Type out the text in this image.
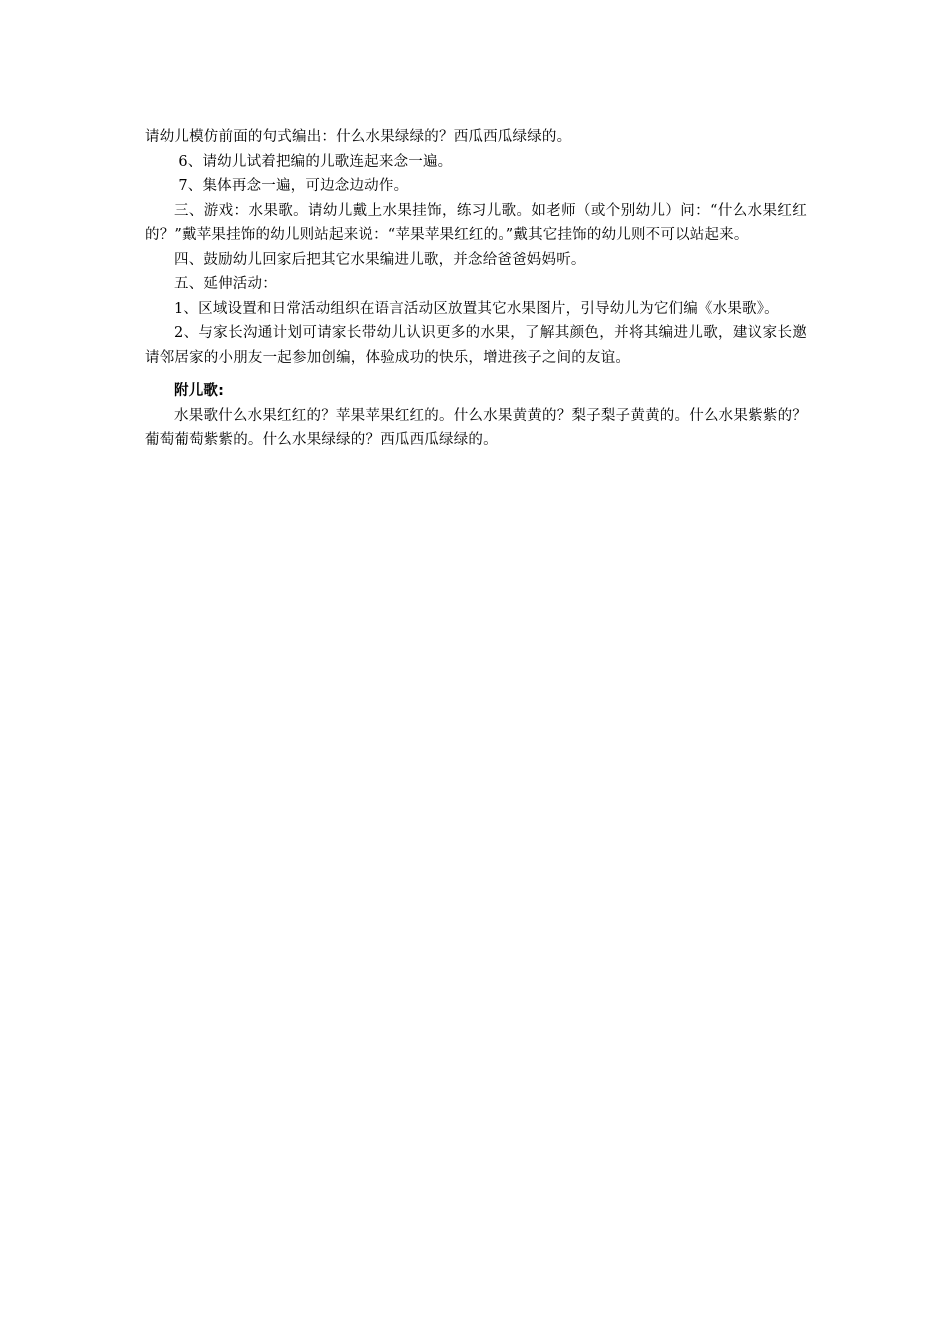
请幼儿模仿前面的句式编出：什么水果绿绿的？西瓜西瓜绿绿的。

6、请幼儿试着把编的儿歌连起来念一遍。

7、集体再念一遍，可边念边动作。

三、游戏：水果歌。请幼儿戴上水果挂饰，练习儿歌。如老师（或个别幼儿）问：“什么水果红红的？”戴苹果挂饰的幼儿则站起来说：“苹果苹果红红的。”戴其它挂饰的幼儿则不可以站起来。

四、鼓励幼儿回家后把其它水果编进儿歌，并念给爸爸妈妈听。

五、延伸活动：

1、区域设置和日常活动组织在语言活动区放置其它水果图片，引导幼儿为它们编《水果歌》。

2、与家长沟通计划可请家长带幼儿认识更多的水果，了解其颜色，并将其编进儿歌，建议家长邀请邻居家的小朋友一起参加创编，体验成功的快乐，增进孩子之间的友谊。

附儿歌:

水果歌什么水果红红的？苹果苹果红红的。什么水果黄黄的？梨子梨子黄黄的。什么水果紫紫的？葡萄葡萄紫紫的。什么水果绿绿的？西瓜西瓜绿绿的。
